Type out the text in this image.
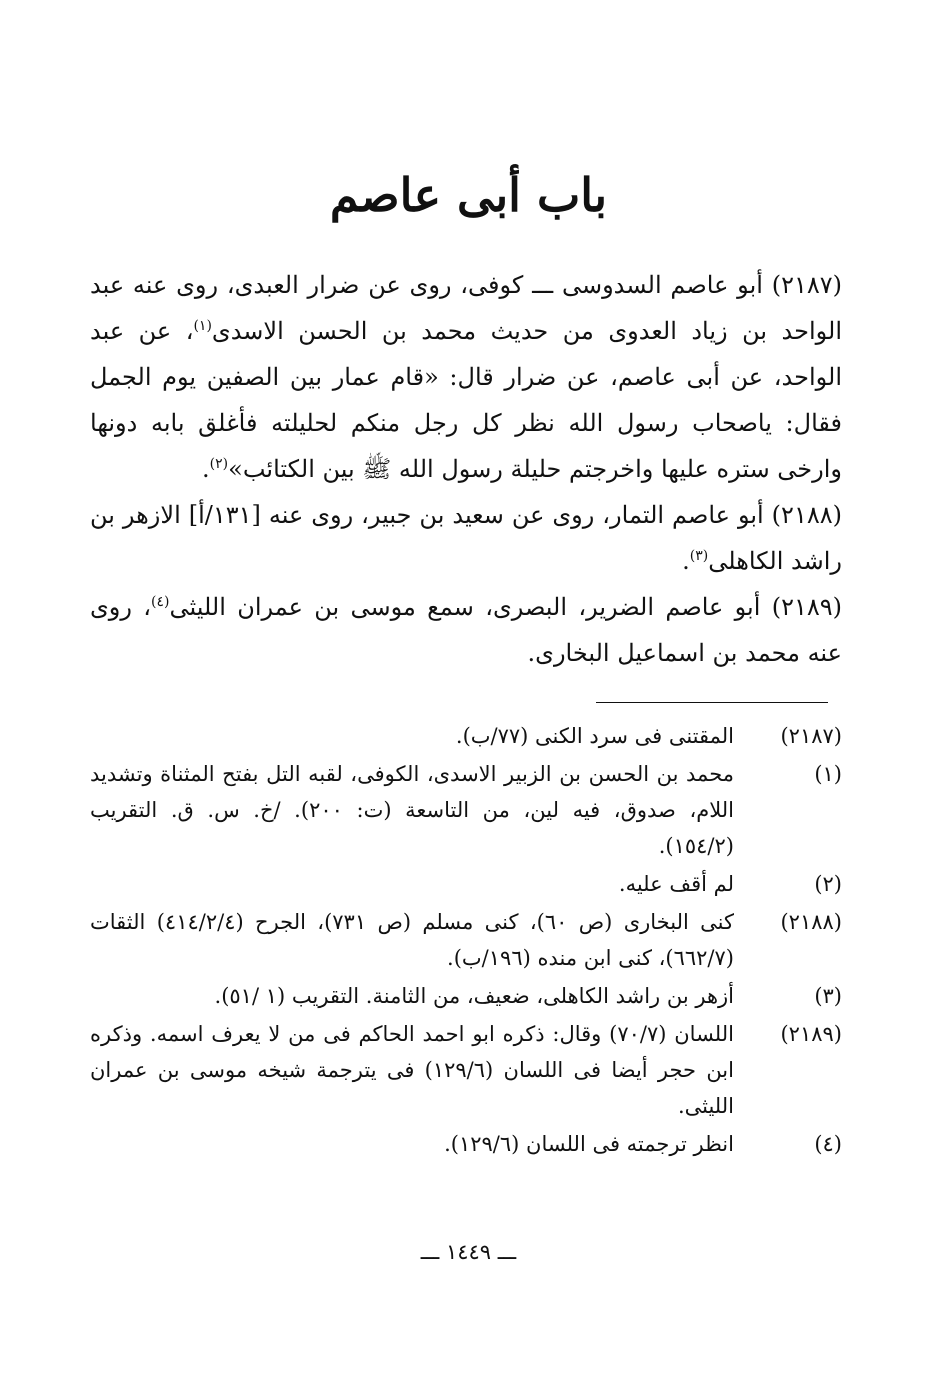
باب أبى عاصم

(٢١٨٧) أبو عاصم السدوسى ـــ كوفى، روى عن ضرار العبدى، روى عنه عبد الواحد بن زياد العدوى من حديث محمد بن الحسن الاسدى$^{(١)}$، عن عبد الواحد، عن أبى عاصم، عن ضرار قال: «قام عمار بين الصفين يوم الجمل فقال: ياصحاب رسول الله نظر كل رجل منكم لحليلته فأغلق بابه دونها وارخى ستره عليها واخرجتم حليلة رسول الله ﷺ بين الكتائب»$^{(٢)}$.

(٢١٨٨) أبو عاصم التمار، روى عن سعيد بن جبير، روى عنه [١٣١/أ] الازهر بن راشد الكاهلى$^{(٣)}$.

(٢١٨٩) أبو عاصم الضرير، البصرى، سمع موسى بن عمران الليثى$^{(٤)}$، روى عنه محمد بن اسماعيل البخارى.

(٢١٨٧)
المقتنى فى سرد الكنى (٧٧/ب).
(١)
محمد بن الحسن بن الزبير الاسدى، الكوفى، لقبه التل بفتح المثناة وتشديد اللام، صدوق، فيه لين، من التاسعة (ت: ٢٠٠). /خ. س. ق. التقريب (١٥٤/٢).
(٢)
لم أقف عليه.
(٢١٨٨)
كنى البخارى (ص ٦٠)، كنى مسلم (ص ٧٣١)، الجرح (٤١٤/٢/٤) الثقات (٦٦٢/٧)، كنى ابن منده (١٩٦/ب).
(٣)
أزهر بن راشد الكاهلى، ضعيف، من الثامنة. التقريب (١ /٥١).
(٢١٨٩)
اللسان (٧٠/٧) وقال: ذكره ابو احمد الحاكم فى من لا يعرف اسمه. وذكره ابن حجر أيضا فى اللسان (١٢٩/٦) فى يترجمة شيخه موسى بن عمران الليثى.
(٤)
انظر ترجمته فى اللسان (١٢٩/٦).
ـــ ١٤٤٩ ـــ
